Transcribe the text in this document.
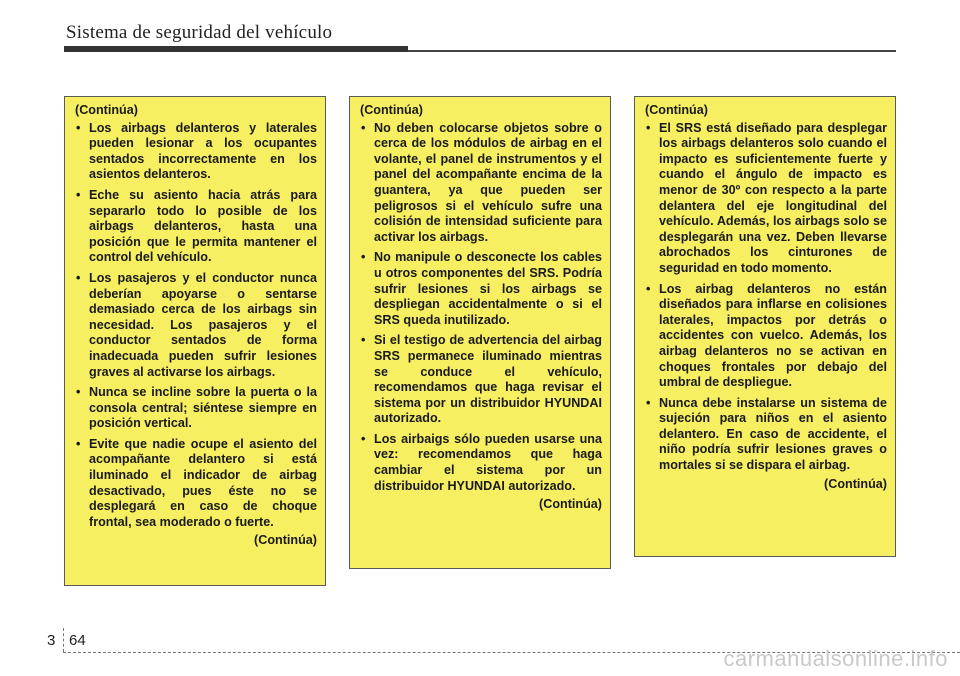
Sistema de seguridad del vehículo
(Continúa)
• Los airbags delanteros y laterales pueden lesionar a los ocupantes sentados incorrectamente en los asientos delanteros.
• Eche su asiento hacia atrás para separarlo todo lo posible de los airbags delanteros, hasta una posición que le permita mantener el control del vehículo.
• Los pasajeros y el conductor nunca deberían apoyarse o sentarse demasiado cerca de los airbags sin necesidad. Los pasajeros y el conductor sentados de forma inadecuada pueden sufrir lesiones graves al activarse los airbags.
• Nunca se incline sobre la puerta o la consola central; siéntese siempre en posición vertical.
• Evite que nadie ocupe el asiento del acompañante delantero si está iluminado el indicador de airbag desactivado, pues éste no se desplegará en caso de choque frontal, sea moderado o fuerte.
(Continúa)
(Continúa)
• No deben colocarse objetos sobre o cerca de los módulos de airbag en el volante, el panel de instrumentos y el panel del acompañante encima de la guantera, ya que pueden ser peligrosos si el vehículo sufre una colisión de intensidad suficiente para activar los airbags.
• No manipule o desconecte los cables u otros componentes del SRS. Podría sufrir lesiones si los airbags se despliegan accidentalmente o si el SRS queda inutilizado.
• Si el testigo de advertencia del airbag SRS permanece iluminado mientras se conduce el vehículo, recomendamos que haga revisar el sistema por un distribuidor HYUNDAI autorizado.
• Los airbaigs sólo pueden usarse una vez: recomendamos que haga cambiar el sistema por un distribuidor HYUNDAI autorizado.
(Continúa)
(Continúa)
• El SRS está diseñado para desplegar los airbags delanteros solo cuando el impacto es suficientemente fuerte y cuando el ángulo de impacto es menor de 30º con respecto a la parte delantera del eje longitudinal del vehículo. Además, los airbags solo se desplegarán una vez. Deben llevarse abrochados los cinturones de seguridad en todo momento.
• Los airbag delanteros no están diseñados para inflarse en colisiones laterales, impactos por detrás o accidentes con vuelco. Además, los airbag delanteros no se activan en choques frontales por debajo del umbral de despliegue.
• Nunca debe instalarse un sistema de sujeción para niños en el asiento delantero. En caso de accidente, el niño podría sufrir lesiones graves o mortales si se dispara el airbag.
(Continúa)
3 64
carmanualsonline.info
